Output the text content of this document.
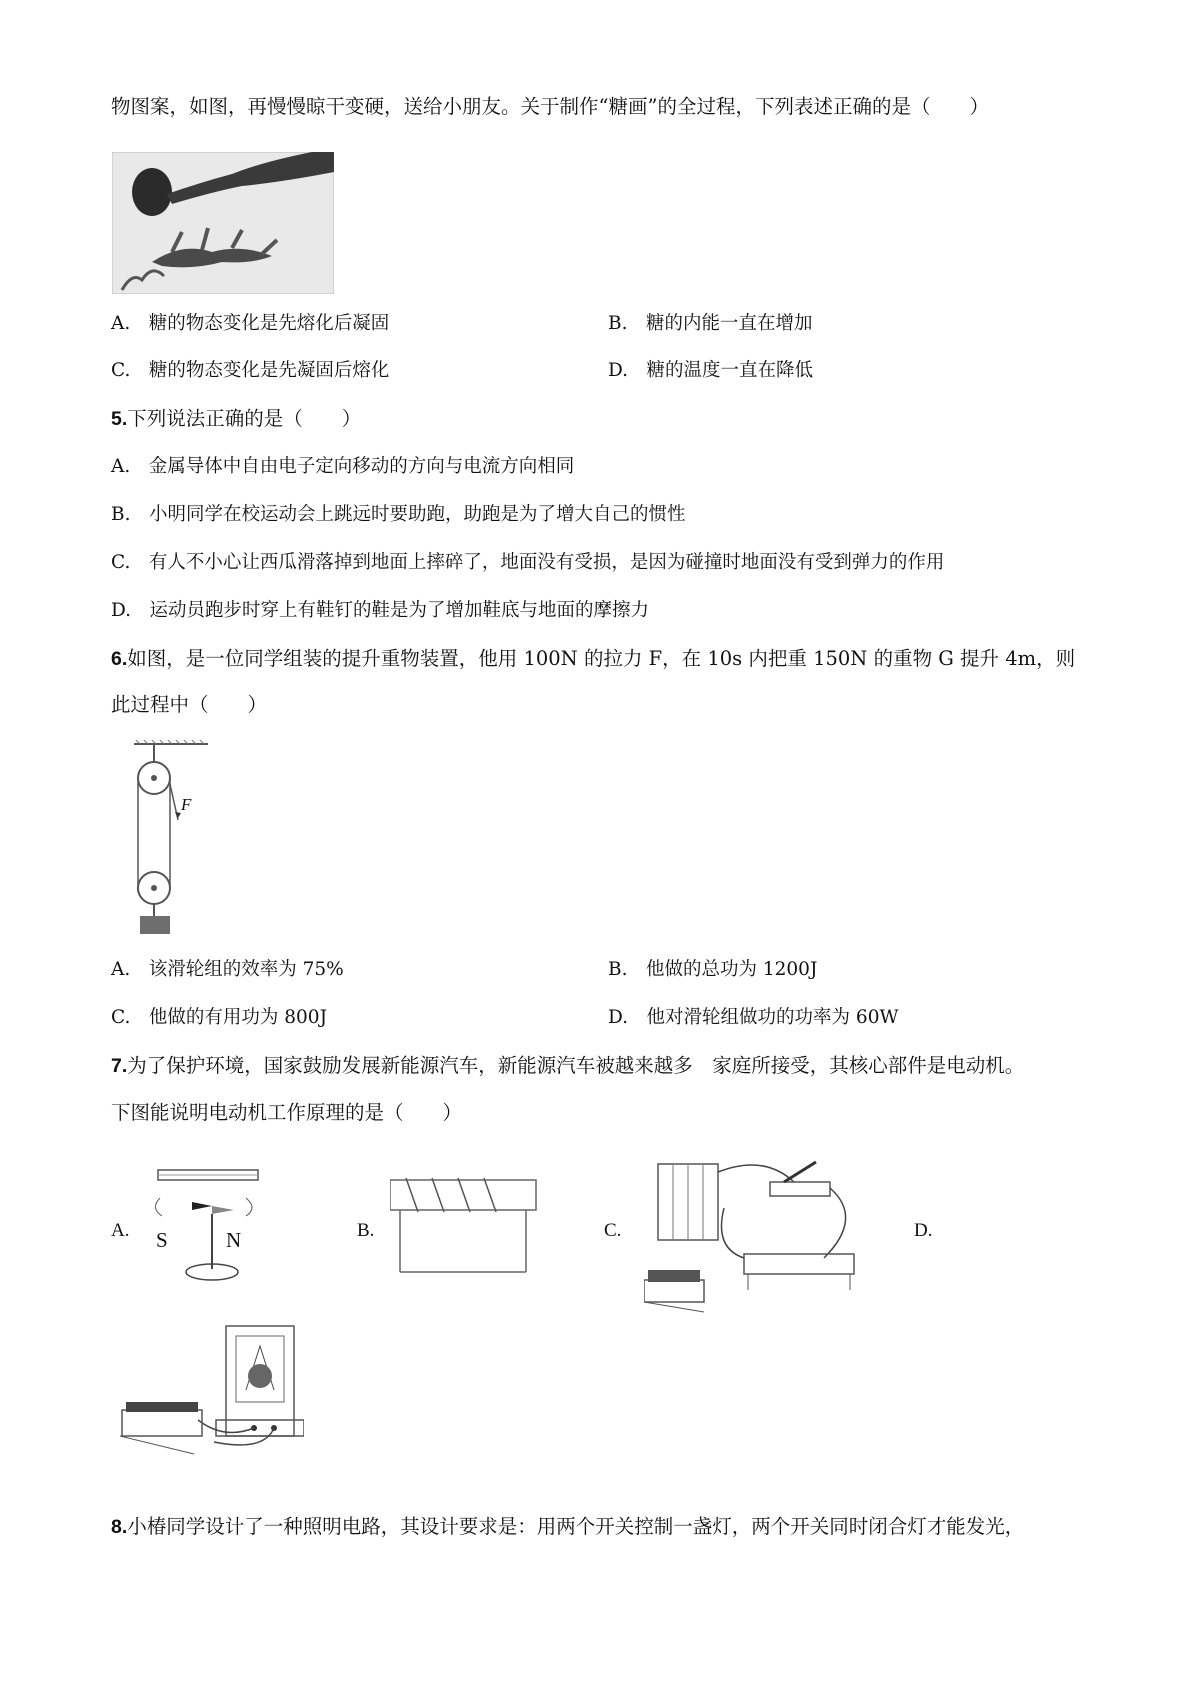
物图案，如图，再慢慢晾干变硬，送给小朋友。关于制作“糖画”的全过程，下列表述正确的是（　　）
A.　糖的物态变化是先熔化后凝固	B.　糖的内能一直在增加
C.　糖的物态变化是先凝固后熔化	D.　糖的温度一直在降低
5.下列说法正确的是（　　）
A.　金属导体中自由电子定向移动的方向与电流方向相同
B.　小明同学在校运动会上跳远时要助跑，助跑是为了增大自己的惯性
C.　有人不小心让西瓜滑落掉到地面上摔碎了，地面没有受损，是因为碰撞时地面没有受到弹力的作用
D.　运动员跑步时穿上有鞋钉的鞋是为了增加鞋底与地面的摩擦力
6.如图，是一位同学组装的提升重物装置，他用 100N 的拉力 F，在 10s 内把重 150N 的重物 G 提升 4m，则
此过程中（　　）
F
A.　该滑轮组的效率为 75%	B.　他做的总功为 1200J
C.　他做的有用功为 800J	D.　他对滑轮组做功的功率为 60W
7.为了保护环境，国家鼓励发展新能源汽车，新能源汽车被越来越多　家庭所接受，其核心部件是电动机。
下图能说明电动机工作原理的是（　　）
A. S	N	B.	C.	D.
8.小椿同学设计了一种照明电路，其设计要求是：用两个开关控制一盏灯，两个开关同时闭合灯才能发光，
